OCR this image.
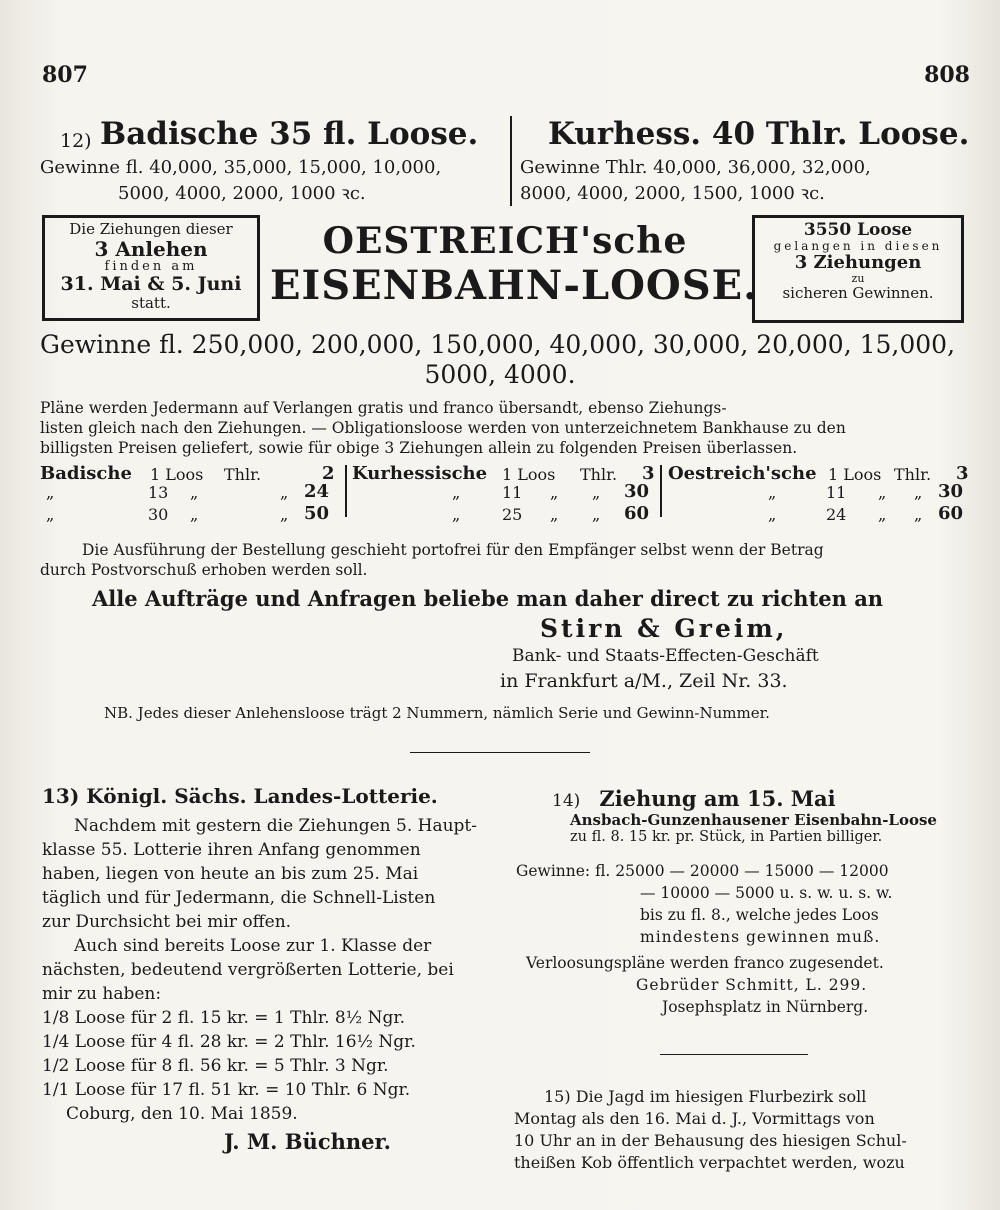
807	808
12) Badische 35 fl. Loose. Kurhess. 40 Thlr. Loose.
Gewinne fl. 40,000, 35,000, 15,000, 10,000,
5000, 4000, 2000, 1000 ꝛc.
Gewinne Thlr. 40,000, 36,000, 32,000,
8000, 4000, 2000, 1500, 1000 ꝛc.
Die Ziehungen dieser
3 Anlehen
finden am
31. Mai & 5. Juni
statt.
OESTREICH'sche
EISENBAHN-LOOSE.
3550 Loose
gelangen in diesen
3 Ziehungen
zu
sicheren Gewinnen.
Gewinne fl. 250,000, 200,000, 150,000, 40,000, 30,000, 20,000, 15,000,
5000, 4000.
Pläne werden Jedermann auf Verlangen gratis und franco übersandt, ebenso Ziehungs-
listen gleich nach den Ziehungen. — Obligationsloose werden von unterzeichnetem Bankhause zu den
billigsten Preisen geliefert, sowie für obige 3 Ziehungen allein zu folgenden Preisen überlassen.
Badische 1 Loos Thlr.	2
„	13 „	„ 24
„	30 „	„ 50
Kurhessische 1 Loos Thlr. 3
„	11 „ „ 30
„	25 „ „ 60
Oestreich'sche 1 Loos Thlr. 3
„	11 „ „ 30
„	24 „ „ 60
Die Ausführung der Bestellung geschieht portofrei für den Empfänger selbst wenn der Betrag
durch Postvorschuß erhoben werden soll.
Alle Aufträge und Anfragen beliebe man daher direct zu richten an
Stirn & Greim,
Bank- und Staats-Effecten-Geschäft
in Frankfurt a/M., Zeil Nr. 33.
NB. Jedes dieser Anlehensloose trägt 2 Nummern, nämlich Serie und Gewinn-Nummer.
13) Königl. Sächs. Landes-Lotterie.
Nachdem mit gestern die Ziehungen 5. Haupt-
klasse 55. Lotterie ihren Anfang genommen
haben, liegen von heute an bis zum 25. Mai
täglich und für Jedermann, die Schnell-Listen
zur Durchsicht bei mir offen.
Auch sind bereits Loose zur 1. Klasse der
nächsten, bedeutend vergrößerten Lotterie, bei
mir zu haben:
1/8 Loose für 2 fl. 15 kr. = 1 Thlr. 8½ Ngr.
1/4 Loose für 4 fl. 28 kr. = 2 Thlr. 16½ Ngr.
1/2 Loose für 8 fl. 56 kr. = 5 Thlr. 3 Ngr.
1/1 Loose für 17 fl. 51 kr. = 10 Thlr. 6 Ngr.
Coburg, den 10. Mai 1859.
J. M. Büchner.
14) Ziehung am 15. Mai
Ansbach-Gunzenhausener Eisenbahn-Loose
zu fl. 8. 15 kr. pr. Stück, in Partien billiger.
Gewinne: fl. 25000 — 20000 — 15000 — 12000
— 10000 — 5000 u. s. w. u. s. w.
bis zu fl. 8., welche jedes Loos
mindestens gewinnen muß.
Verloosungspläne werden franco zugesendet.
Gebrüder Schmitt, L. 299.
Josephsplatz in Nürnberg.
15) Die Jagd im hiesigen Flurbezirk soll
Montag als den 16. Mai d. J., Vormittags von
10 Uhr an in der Behausung des hiesigen Schul-
theißen Kob öffentlich verpachtet werden, wozu
